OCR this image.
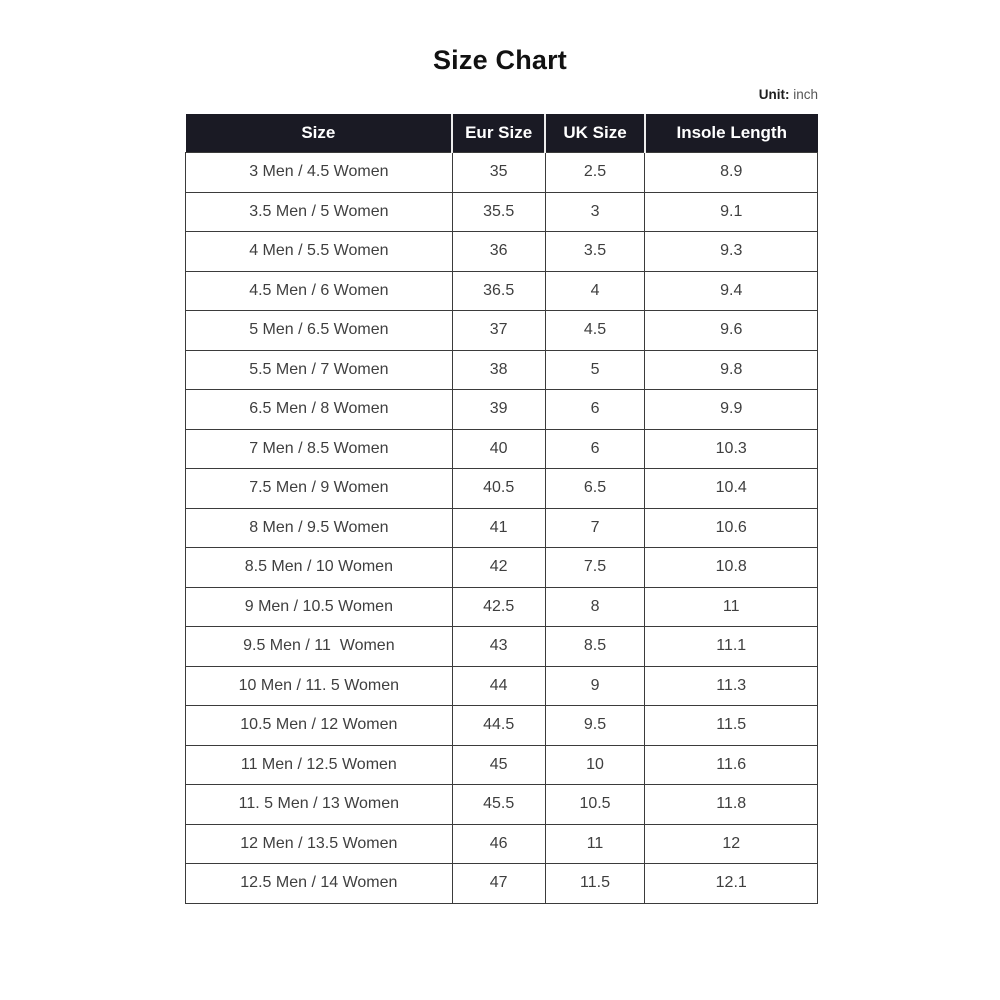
Size Chart
Unit: inch
Size	Eur Size	UK Size	Insole Length
3 Men / 4.5 Women	35	2.5	8.9
3.5 Men / 5 Women	35.5	3	9.1
4 Men / 5.5 Women	36	3.5	9.3
4.5 Men / 6 Women	36.5	4	9.4
5 Men / 6.5 Women	37	4.5	9.6
5.5 Men / 7 Women	38	5	9.8
6.5 Men / 8 Women	39	6	9.9
7 Men / 8.5 Women	40	6	10.3
7.5 Men / 9 Women	40.5	6.5	10.4
8 Men / 9.5 Women	41	7	10.6
8.5 Men / 10 Women	42	7.5	10.8
9 Men / 10.5 Women	42.5	8	11
9.5 Men / 11  Women	43	8.5	11.1
10 Men / 11. 5 Women	44	9	11.3
10.5 Men / 12 Women	44.5	9.5	11.5
11 Men / 12.5 Women	45	10	11.6
11. 5 Men / 13 Women	45.5	10.5	11.8
12 Men / 13.5 Women	46	11	12
12.5 Men / 14 Women	47	11.5	12.1
